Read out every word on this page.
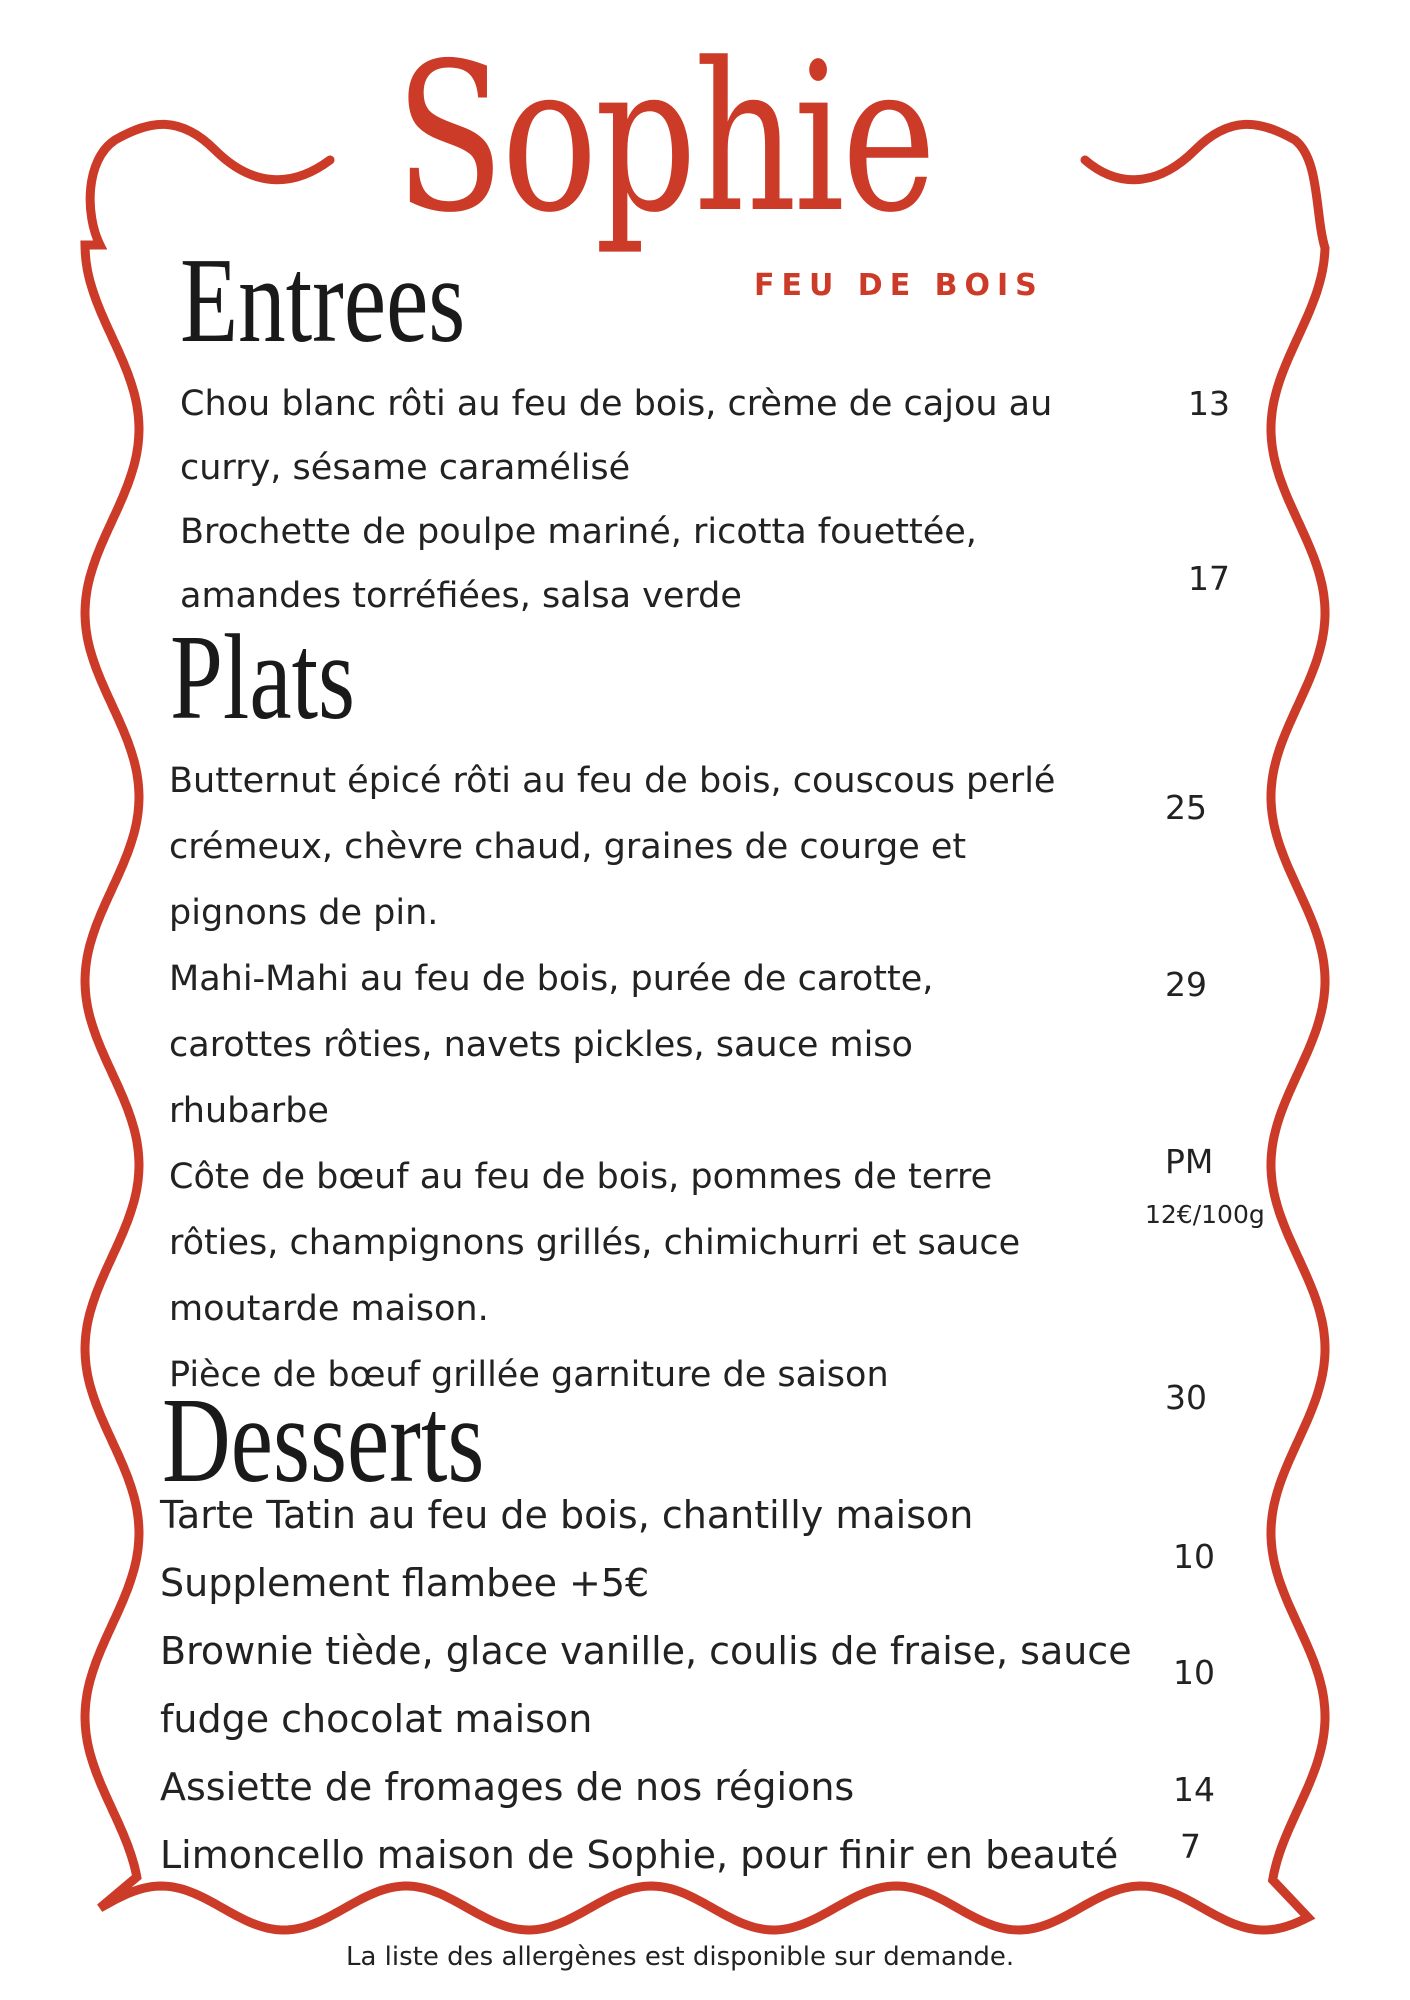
Sophie
FEU DE BOIS
Entrees
Chou blanc rôti au feu de bois, crème de cajou au
curry, sésame caramélisé
Brochette de poulpe mariné, ricotta fouettée,
amandes torréfiées, salsa verde
13
17
Plats
Butternut épicé rôti au feu de bois, couscous perlé
crémeux, chèvre chaud, graines de courge et
pignons de pin.
Mahi-Mahi au feu de bois, purée de carotte,
carottes rôties, navets pickles, sauce miso
rhubarbe
Côte de bœuf au feu de bois, pommes de terre
rôties, champignons grillés, chimichurri et sauce
moutarde maison.
Pièce de bœuf grillée garniture de saison
25
29
PM
12€/100g
30
Desserts
Tarte Tatin au feu de bois, chantilly maison
Supplement flambee +5€
Brownie tiède, glace vanille, coulis de fraise, sauce
fudge chocolat maison
Assiette de fromages de nos régions
Limoncello maison de Sophie, pour finir en beauté
10
10
14
7
La liste des allergènes est disponible sur demande.
